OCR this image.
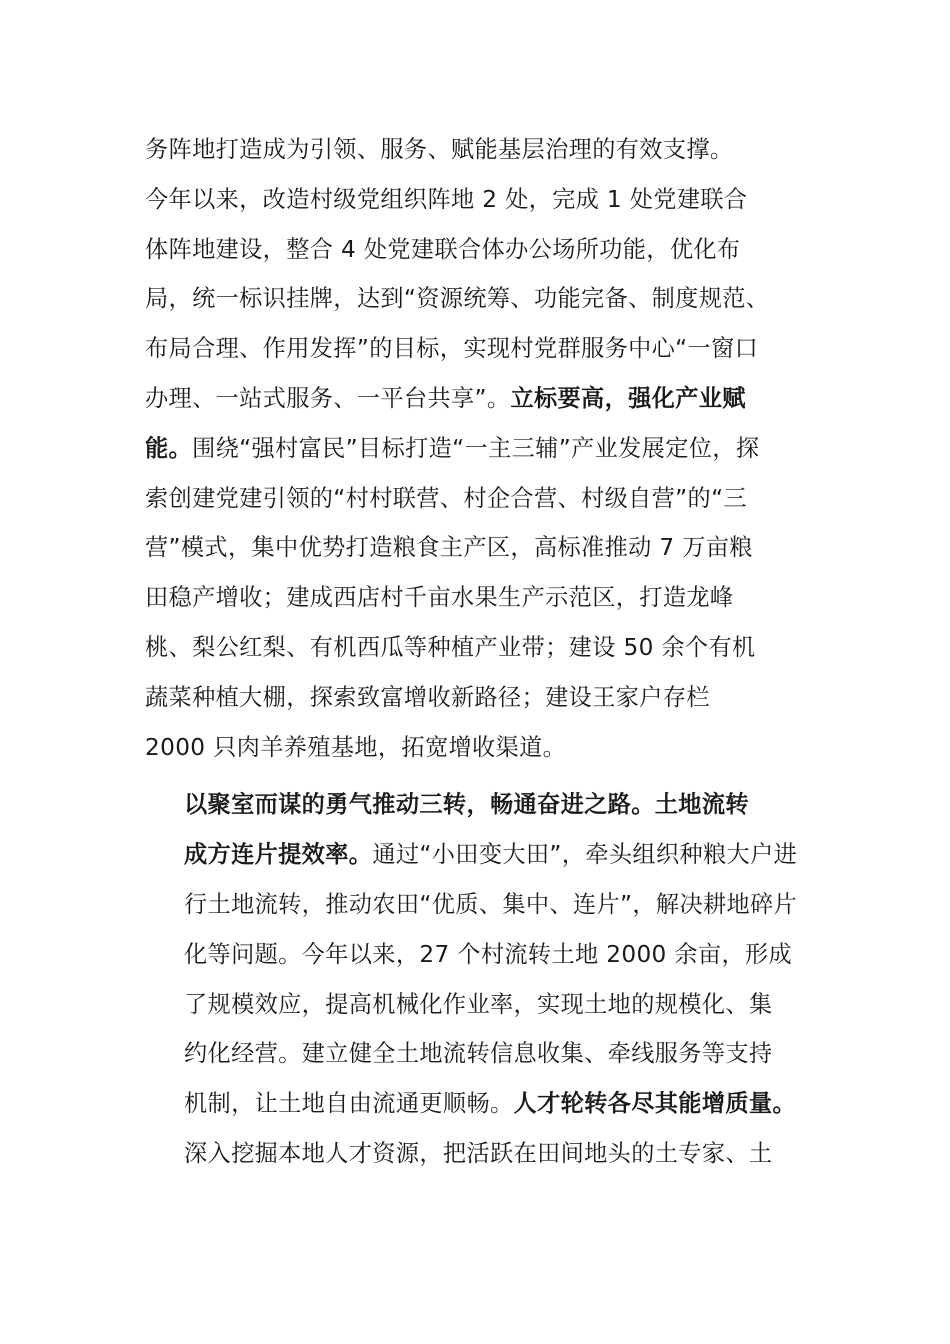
务阵地打造成为引领、服务、赋能基层治理的有效支撑。
今年以来，改造村级党组织阵地 2 处，完成 1 处党建联合
体阵地建设，整合 4 处党建联合体办公场所功能，优化布
局，统一标识挂牌，达到“资源统筹、功能完备、制度规范、
布局合理、作用发挥”的目标，实现村党群服务中心“一窗口
办理、一站式服务、一平台共享”。立标要高，强化产业赋
能。围绕“强村富民”目标打造“一主三辅”产业发展定位，探
索创建党建引领的“村村联营、村企合营、村级自营”的“三
营”模式，集中优势打造粮食主产区，高标准推动 7 万亩粮
田稳产增收；建成西店村千亩水果生产示范区，打造龙峰
桃、梨公红梨、有机西瓜等种植产业带；建设 50 余个有机
蔬菜种植大棚，探索致富增收新路径；建设王家户存栏
2000 只肉羊养殖基地，拓宽增收渠道。

以聚室而谋的勇气推动三转，畅通奋进之路。土地流转
成方连片提效率。通过“小田变大田”，牵头组织种粮大户进
行土地流转，推动农田“优质、集中、连片”，解决耕地碎片
化等问题。今年以来，27 个村流转土地 2000 余亩，形成
了规模效应，提高机械化作业率，实现土地的规模化、集
约化经营。建立健全土地流转信息收集、牵线服务等支持
机制，让土地自由流通更顺畅。人才轮转各尽其能增质量。
深入挖掘本地人才资源，把活跃在田间地头的土专家、土
